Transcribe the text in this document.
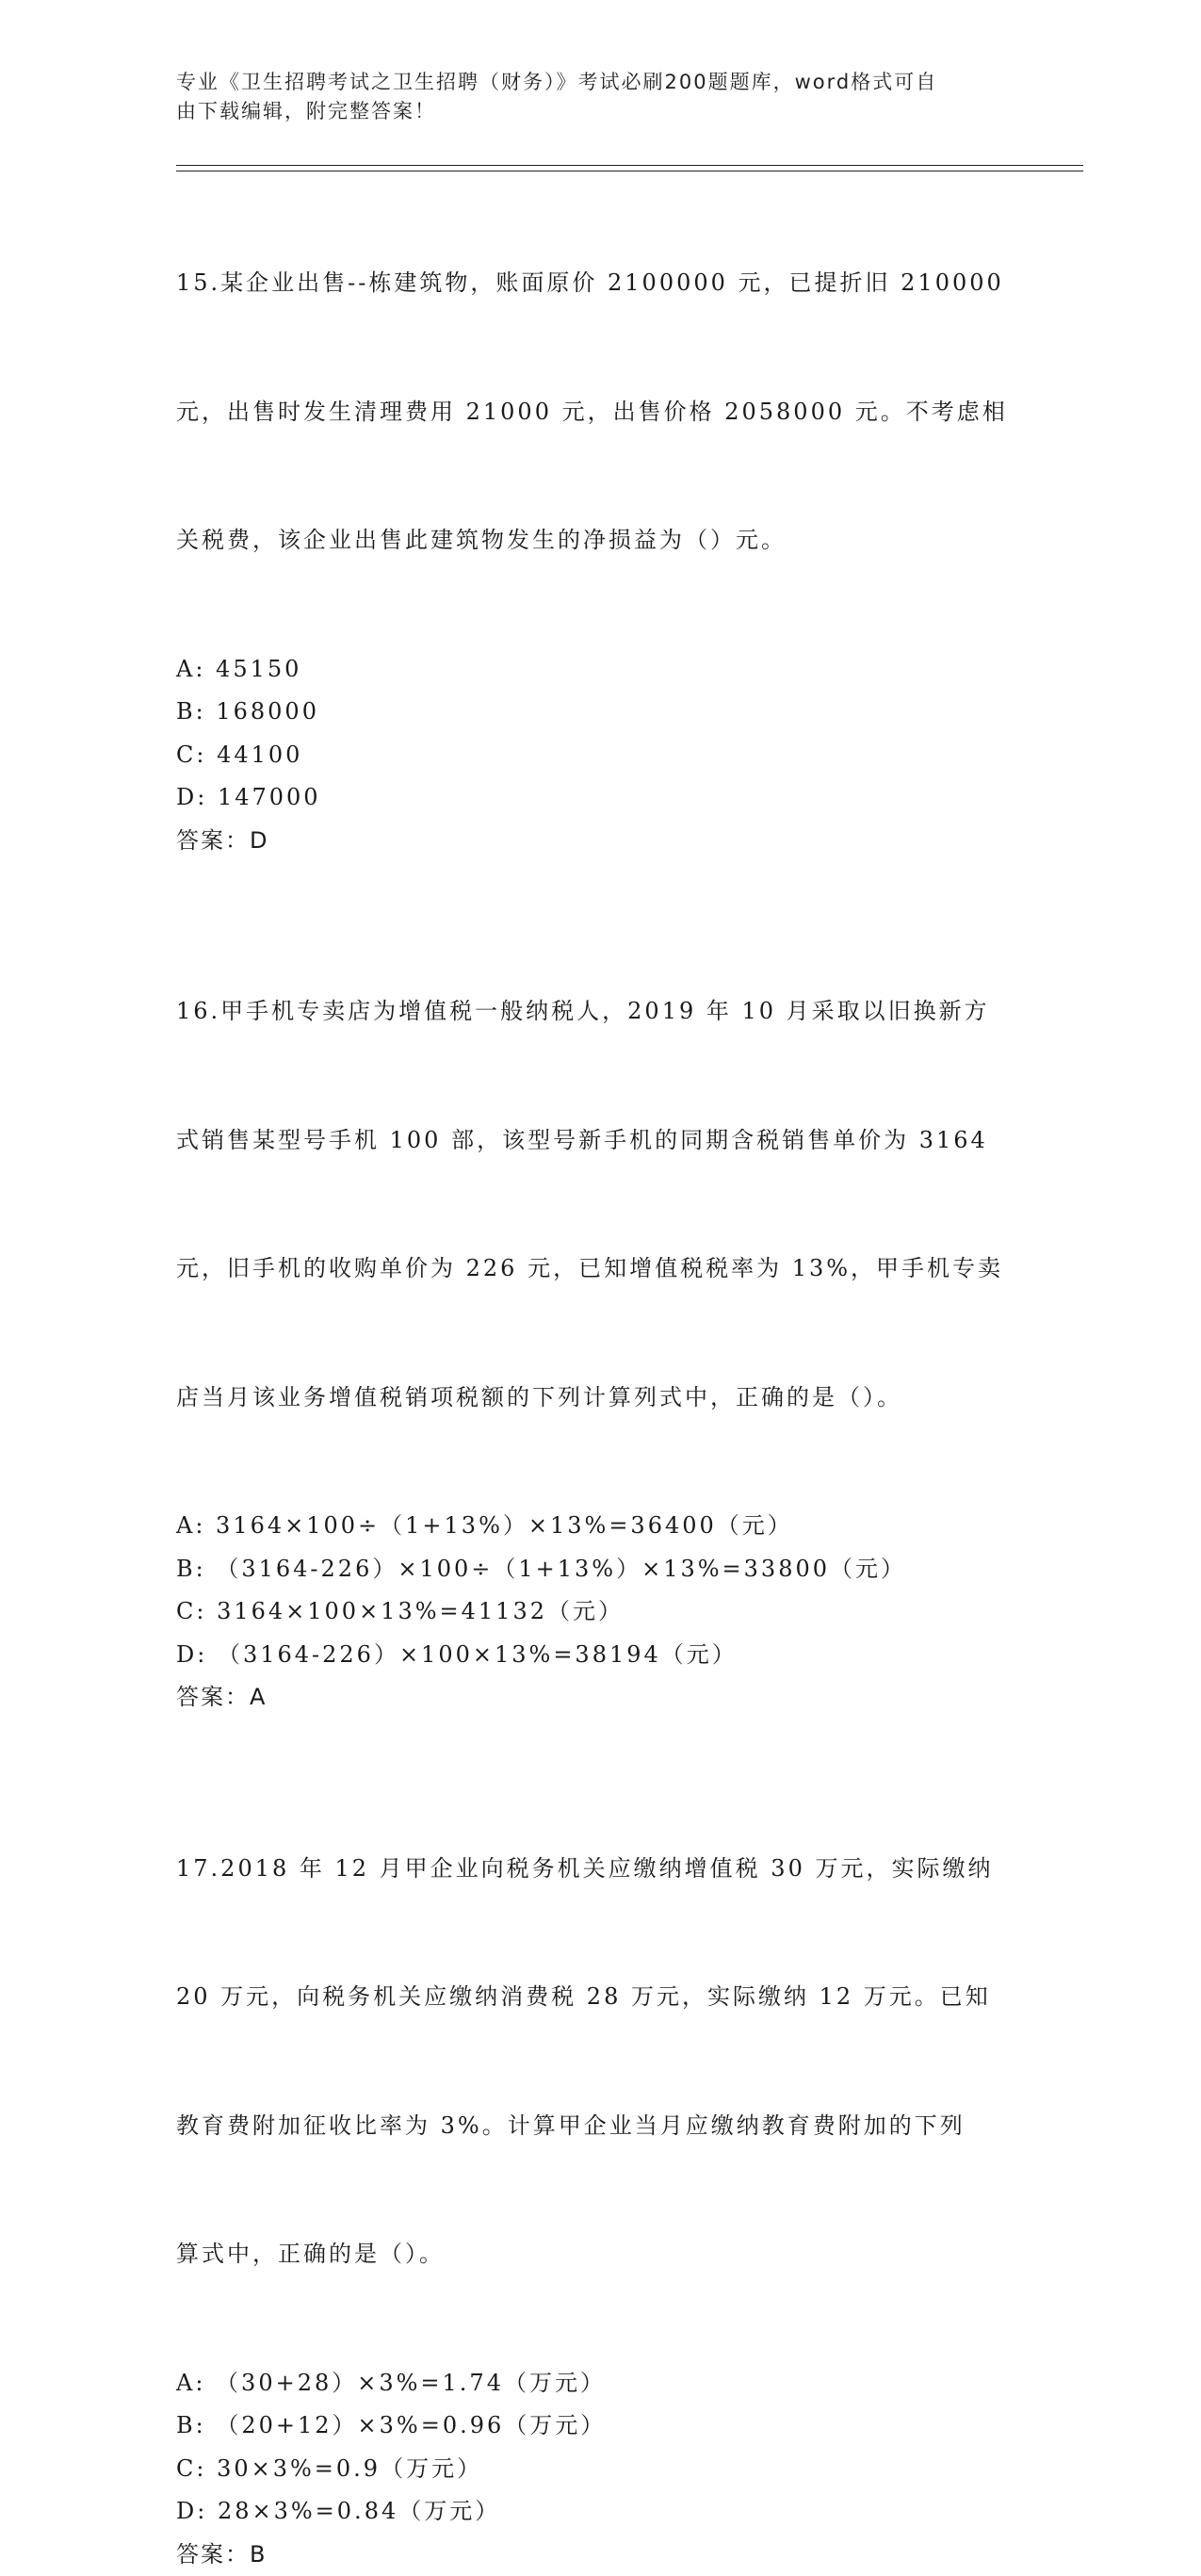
专业《卫生招聘考试之卫生招聘（财务）》考试必刷200题题库，word格式可自
由下载编辑，附完整答案！

15.某企业出售--栋建筑物，账面原价 2100000 元，已提折旧 210000

元，出售时发生清理费用 21000 元，出售价格 2058000 元。不考虑相

关税费，该企业出售此建筑物发生的净损益为（）元。

A: 45150
B: 168000
C: 44100
D: 147000
答案：D

16.甲手机专卖店为增值税一般纳税人，2019 年 10 月采取以旧换新方

式销售某型号手机 100 部，该型号新手机的同期含税销售单价为 3164

元，旧手机的收购单价为 226 元，已知增值税税率为 13%，甲手机专卖

店当月该业务增值税销项税额的下列计算列式中，正确的是（）。

A: 3164×100÷（1+13%）×13%=36400（元）
B: （3164-226）×100÷（1+13%）×13%=33800（元）
C: 3164×100×13%=41132（元）
D: （3164-226）×100×13%=38194（元）
答案：A

17.2018 年 12 月甲企业向税务机关应缴纳增值税 30 万元，实际缴纳

20 万元，向税务机关应缴纳消费税 28 万元，实际缴纳 12 万元。已知

教育费附加征收比率为 3%。计算甲企业当月应缴纳教育费附加的下列

算式中，正确的是（）。

A: （30+28）×3%=1.74（万元）
B: （20+12）×3%=0.96（万元）
C: 30×3%=0.9（万元）
D: 28×3%=0.84（万元）
答案：B
